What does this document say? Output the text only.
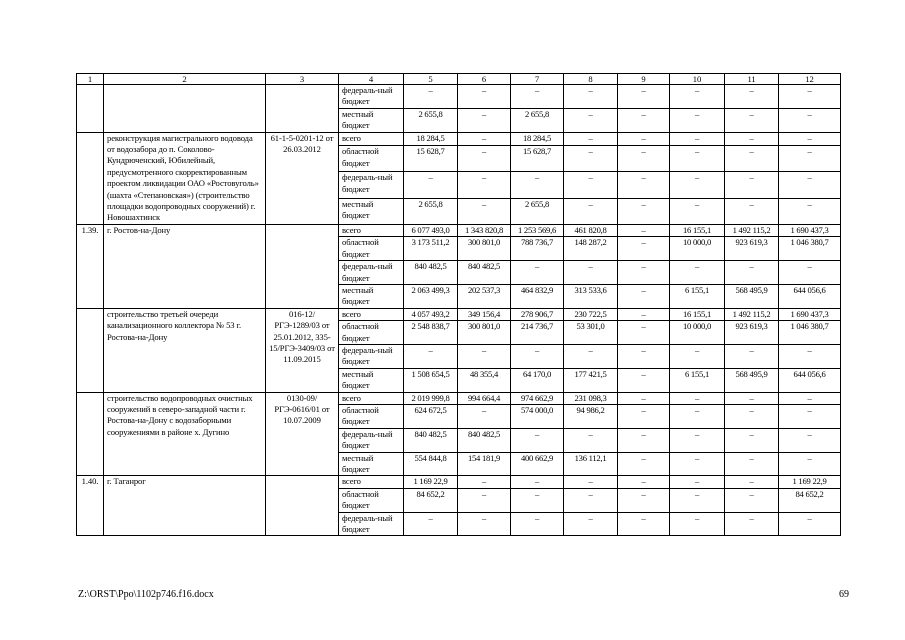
1	2	3	4	5	6	7	8	9	10	11	12
			федераль-ный бюджет	–	–	–	–	–	–	–	–
			местный бюджет	2 655,8	–	2 655,8	–	–	–	–	–
	реконструкция магистрального водовода от водозабора до п. Соколово-Кундрюченский, Юбилейный, предусмотренного скорректированным проектом ликвидации ОАО «Ростовуголь» (шахта «Степановская») (строительство площадки водопроводных сооружений) г. Новошахтинск	61-1-5-0201-12 от 26.03.2012	всего	18 284,5	–	18 284,5	–	–	–	–	–
			областной бюджет	15 628,7	–	15 628,7	–	–	–	–	–
			федераль-ный бюджет	–	–	–	–	–	–	–	–
			местный бюджет	2 655,8	–	2 655,8	–	–	–	–	–
1.39.	г. Ростов-на-Дону		всего	6 077 493,0	1 343 820,8	1 253 569,6	461 820,8	–	16 155,1	1 492 115,2	1 690 437,3
			областной бюджет	3 173 511,2	300 801,0	788 736,7	148 287,2	–	10 000,0	923 619,3	1 046 380,7
			федераль-ный бюджет	840 482,5	840 482,5	–	–	–	–	–	–
			местный бюджет	2 063 499,3	202 537,3	464 832,9	313 533,6	–	6 155,1	568 495,9	644 056,6
	строительство третьей очереди канализационного коллектора № 53 г. Ростова-на-Дону	016-12/РГЭ-1289/03 от 25.01.2012, 335-15/РГЭ-3409/03 от 11.09.2015	всего	4 057 493,2	349 156,4	278 906,7	230 722,5	–	16 155,1	1 492 115,2	1 690 437,3
			областной бюджет	2 548 838,7	300 801,0	214 736,7	53 301,0	–	10 000,0	923 619,3	1 046 380,7
			федераль-ный бюджет	–	–	–	–	–	–	–	–
			местный бюджет	1 508 654,5	48 355,4	64 170,0	177 421,5	–	6 155,1	568 495,9	644 056,6
	строительство водопроводных очистных сооружений в северо-западной части г. Ростова-на-Дону с водозаборными сооружениями в районе х. Дугино	0130-09/РГЭ-0616/01 от 10.07.2009	всего	2 019 999,8	994 664,4	974 662,9	231 098,3	–	–	–	–
			областной бюджет	624 672,5	–	574 000,0	94 986,2	–	–	–	–
			федераль-ный бюджет	840 482,5	840 482,5	–	–	–	–	–	–
			местный бюджет	554 844,8	154 181,9	400 662,9	136 112,1	–	–	–	–
1.40.	г. Таганрог		всего	1 169 22,9	–	–	–	–	–	–	1 169 22,9
			областной бюджет	84 652,2	–	–	–	–	–	–	84 652,2
			федераль-ный бюджет	–	–	–	–	–	–	–	–
Z:\ORST\Ppo\1102p746.f16.docx	69
